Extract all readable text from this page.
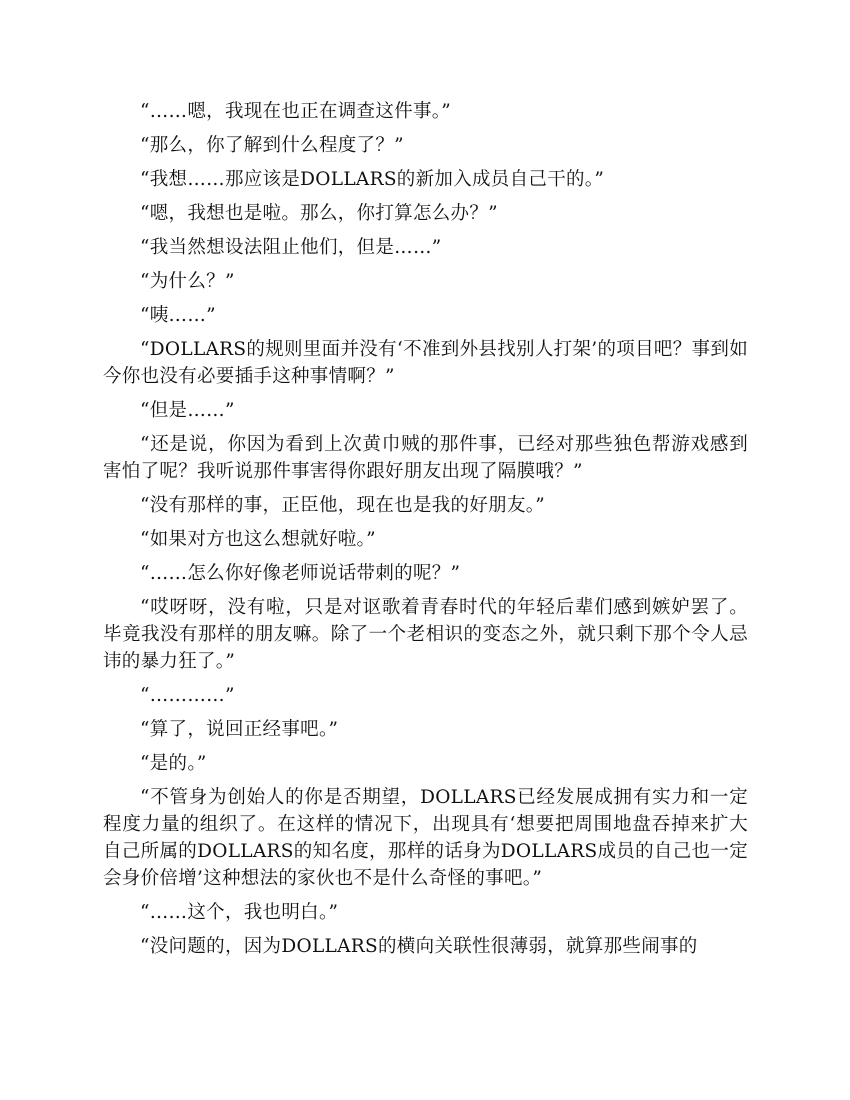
“……嗯，我现在也正在调查这件事。”

“那么，你了解到什么程度了？”

“我想……那应该是DOLLARS的新加入成员自己干的。”

“嗯，我想也是啦。那么，你打算怎么办？”

“我当然想设法阻止他们，但是……”

“为什么？”

“咦……”

“DOLLARS的规则里面并没有‘不准到外县找别人打架’的项目吧？事到如今你也没有必要插手这种事情啊？”

“但是……”

“还是说，你因为看到上次黄巾贼的那件事，已经对那些独色帮游戏感到害怕了呢？我听说那件事害得你跟好朋友出现了隔膜哦？”

“没有那样的事，正臣他，现在也是我的好朋友。”

“如果对方也这么想就好啦。”

“……怎么你好像老师说话带刺的呢？”

“哎呀呀，没有啦，只是对讴歌着青春时代的年轻后辈们感到嫉妒罢了。毕竟我没有那样的朋友嘛。除了一个老相识的变态之外，就只剩下那个令人忌讳的暴力狂了。”

“…………”

“算了，说回正经事吧。”

“是的。”

“不管身为创始人的你是否期望，DOLLARS已经发展成拥有实力和一定程度力量的组织了。在这样的情况下，出现具有‘想要把周围地盘吞掉来扩大自己所属的DOLLARS的知名度，那样的话身为DOLLARS成员的自己也一定会身价倍增’这种想法的家伙也不是什么奇怪的事吧。”

“……这个，我也明白。”

“没问题的，因为DOLLARS的横向关联性很薄弱，就算那些闹事的
